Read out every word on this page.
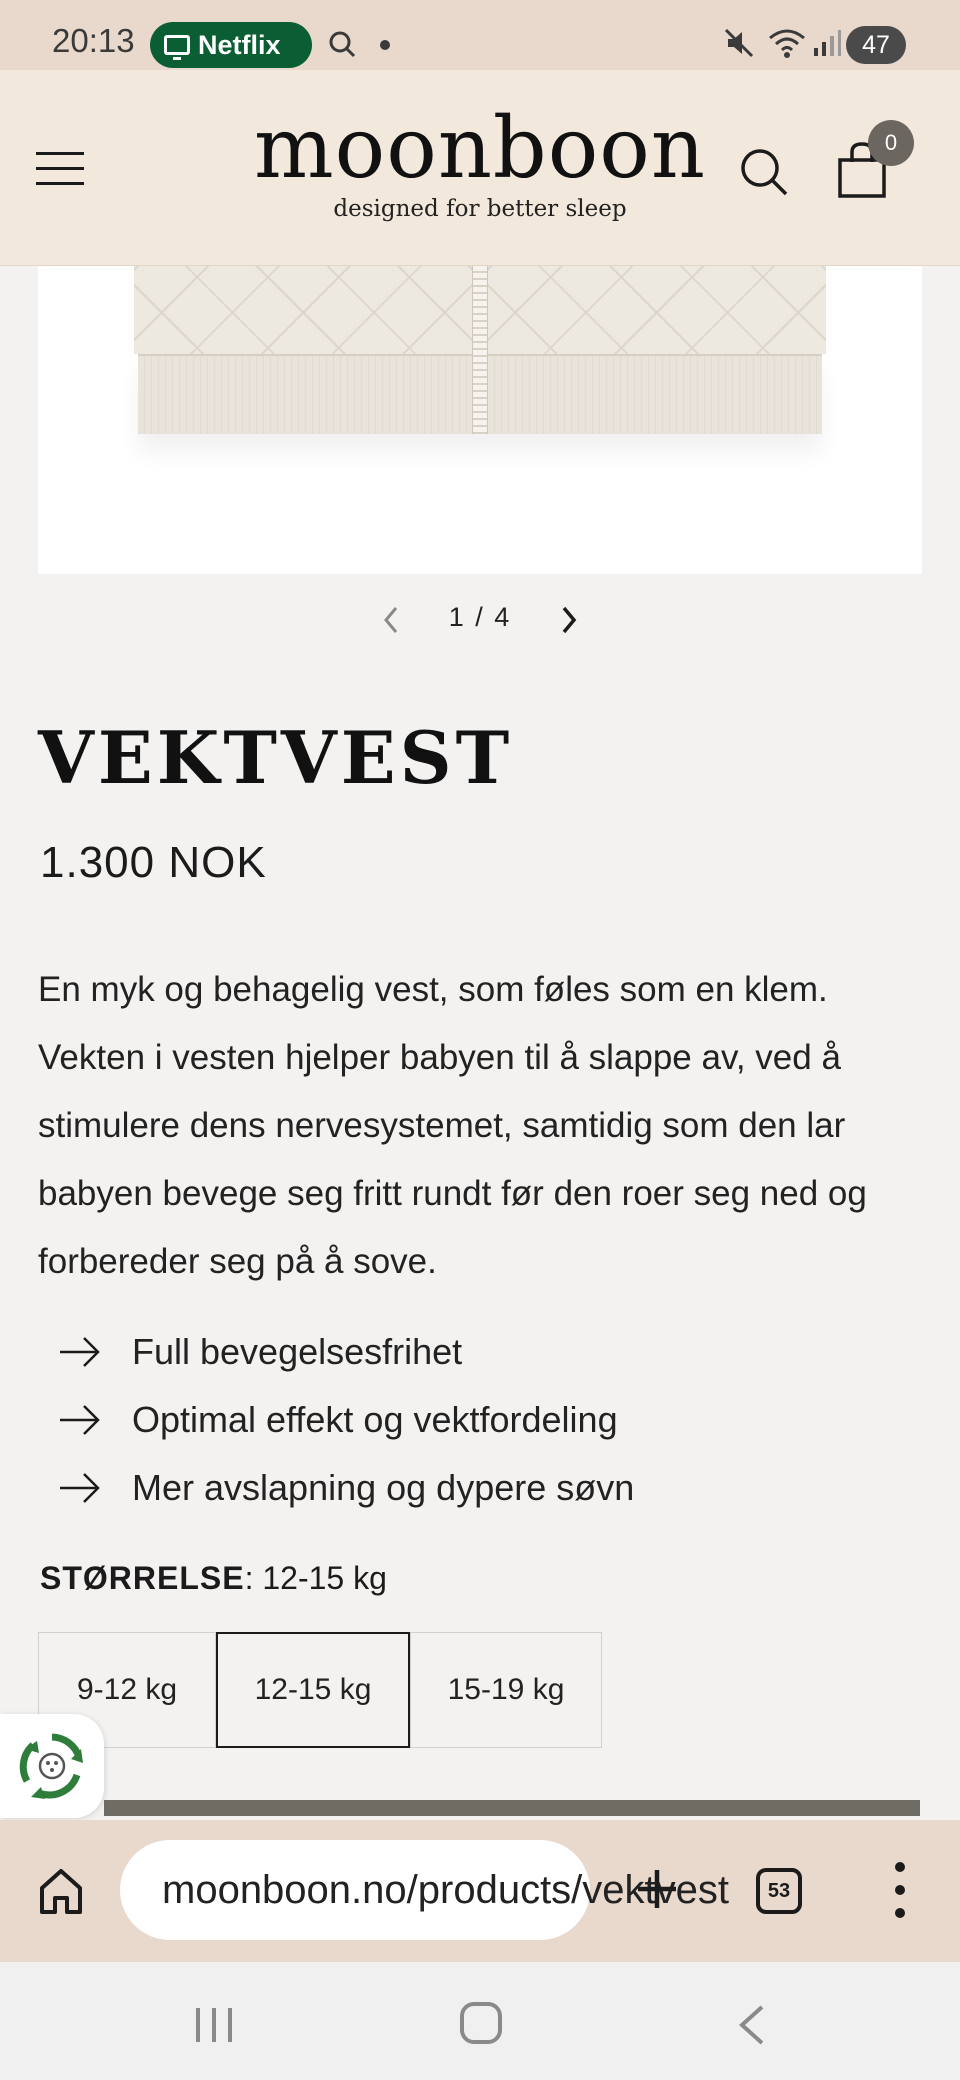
20:13 Netflix	47
moonboon
designed for better sleep
0
1 / 4
VEKTVEST
1.300 NOK

En myk og behagelig vest, som føles som en klem. Vekten i vesten hjelper babyen til å slappe av, ved å stimulere dens nervesystemet, samtidig som den lar babyen bevege seg fritt rundt før den roer seg ned og forbereder seg på å sove.

Full bevegelsesfrihet
Optimal effekt og vektfordeling
Mer avslapning og dypere søvn
STØRRELSE: 12-15 kg
9-12 kg	12-15 kg	15-19 kg
moonboon.no/products/vektvest 53
